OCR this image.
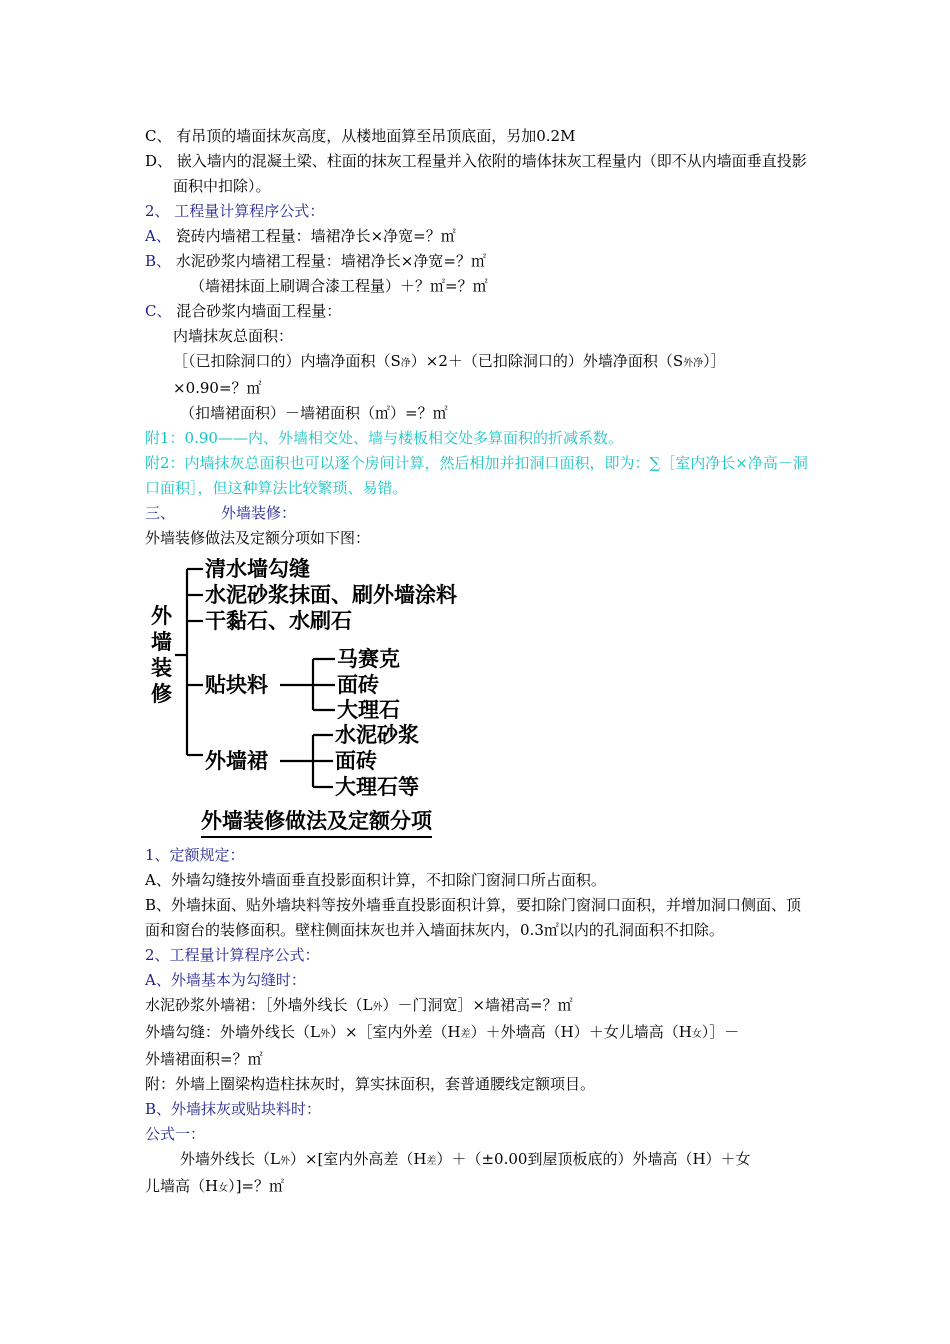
C、 有吊顶的墙面抹灰高度，从楼地面算至吊顶底面，另加0.2M
D、 嵌入墙内的混凝土梁、柱面的抹灰工程量并入依附的墙体抹灰工程量内（即不从内墙面垂直投影面积中扣除）。
2、 工程量计算程序公式：
A、 瓷砖内墙裙工程量：墙裙净长×净宽=？㎡
B、 水泥砂浆内墙裙工程量：墙裙净长×净宽=？㎡
（墙裙抹面上刷调合漆工程量）＋？㎡=？㎡
C、 混合砂浆内墙面工程量：
内墙抹灰总面积：
［（已扣除洞口的）内墙净面积（S净）×2＋（已扣除洞口的）外墙净面积（S外净）］
×0.90=？㎡
（扣墙裙面积）－墙裙面积（㎡）=？㎡
附1：0.90——内、外墙相交处、墙与楼板相交处多算面积的折减系数。
附2：内墙抹灰总面积也可以逐个房间计算，然后相加并扣洞口面积，即为：∑［室内净长×净高－洞口面积］，但这种算法比较繁琐、易错。
三、	外墙装修：
外墙装修做法及定额分项如下图：
外
墙
装
修
清水墙勾缝
水泥砂浆抹面、刷外墙涂料
干黏石、水刷石
贴块料
马赛克
面砖
大理石
外墙裙
水泥砂浆
面砖
大理石等
外墙装修做法及定额分项
1、定额规定：
A、外墙勾缝按外墙面垂直投影面积计算，不扣除门窗洞口所占面积。
B、外墙抹面、贴外墙块料等按外墙垂直投影面积计算，要扣除门窗洞口面积，并增加洞口侧面、顶面和窗台的装修面积。壁柱侧面抹灰也并入墙面抹灰内，0.3㎡以内的孔洞面积不扣除。
2、工程量计算程序公式：
A、外墙基本为勾缝时：
水泥砂浆外墙裙：［外墙外线长（L外）－门洞宽］×墙裙高=？㎡
外墙勾缝：外墙外线长（L外）×［室内外差（H差）＋外墙高（H）＋女儿墙高（H女）］－
外墙裙面积=？㎡
附：外墙上圈梁构造柱抹灰时，算实抹面积，套普通腰线定额项目。
B、外墙抹灰或贴块料时：
公式一：
外墙外线长（L外）×[室内外高差（H差）＋（±0.00到屋顶板底的）外墙高（H）＋女
儿墙高（H女）]=？㎡
